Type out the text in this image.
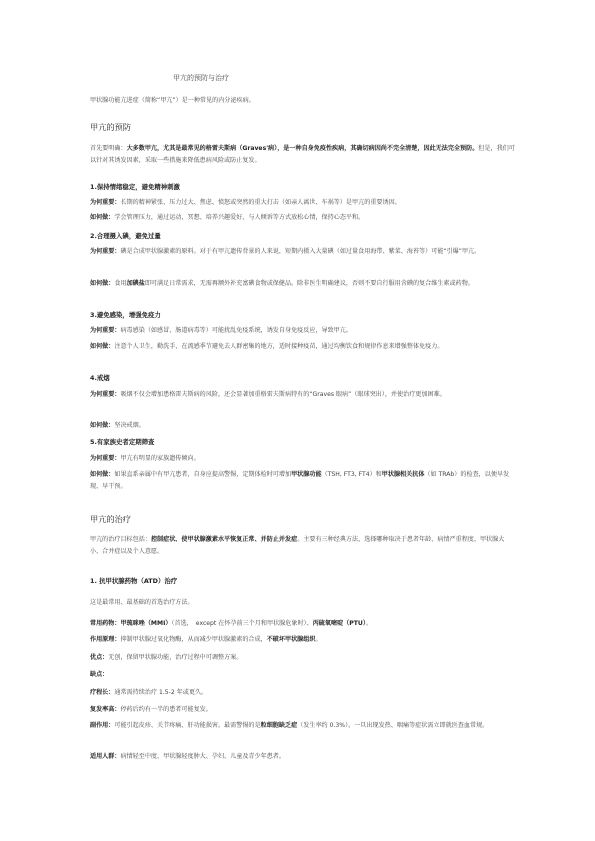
甲亢的预防与治疗
甲状腺功能亢进症（简称“甲亢”）是一种常见的内分泌疾病。
甲亢的预防
首先要明确：大多数甲亢，尤其是最常见的格雷夫斯病（Graves'病），是一种自身免疫性疾病，其确切病因尚不完全清楚，因此无法完全预防。但是，我们可以针对其诱发因素，采取一些措施来降低患病风险或防止复发。
1.保持情绪稳定，避免精神刺激
为何重要：长期的精神紧张、压力过大、焦虑、愤怒或突然的重大打击（如亲人离世、车祸等）是甲亢的重要诱因。
如何做：学会管理压力，通过运动、冥想、培养兴趣爱好、与人倾诉等方式放松心情，保持心态平和。
2.合理摄入碘，避免过量
为何重要：碘是合成甲状腺激素的原料。对于有甲亢遗传背景的人来说，短期内摄入大量碘（如过量食用海带、紫菜、海苔等）可能“引爆”甲亢。
如何做：食用加碘盐即可满足日常需求，无需再额外补充富碘食物或保健品。除非医生明确建议，否则不要自行服用含碘的复合维生素或药物。
3.避免感染，增强免疫力
为何重要：病毒感染（如感冒、肠道病毒等）可能扰乱免疫系统，诱发自身免疫反应，导致甲亢。
如何做：注意个人卫生，勤洗手，在流感季节避免去人群密集的地方，适时接种疫苗，通过均衡饮食和规律作息来增强整体免疫力。
4.戒烟
为何重要：吸烟不仅会增加患格雷夫斯病的风险，还会显著加重格雷夫斯病特有的“Graves 眼病”（眼球突出），并使治疗更加困难。
如何做：坚决戒烟。
5.有家族史者定期筛查
为何重要：甲亢有明显的家族遗传倾向。
如何做：如果直系亲属中有甲亢患者，自身应提高警惕，定期体检时可增加甲状腺功能（TSH, FT3, FT4）和甲状腺相关抗体（如 TRAb）的检查，以便早发现、早干预。
甲亢的治疗
甲亢的治疗目标包括：控制症状、使甲状腺激素水平恢复正常、并防止并发症。主要有三种经典方法，选择哪种取决于患者年龄、病情严重程度、甲状腺大小、合并症以及个人意愿。
1. 抗甲状腺药物（ATD）治疗
这是最常用、最基础的首选治疗方法。
常用药物：甲巯咪唑（MMI）（首选，　except 在怀孕前三个月和甲状腺危象时）、丙硫氧嘧啶（PTU）。
作用原理：抑制甲状腺过氧化物酶，从而减少甲状腺激素的合成，不破坏甲状腺组织。
优点：无创，保留甲状腺功能，治疗过程中可调整方案。
缺点：
疗程长：通常需持续治疗 1.5-2 年或更久。
复发率高：停药后约有一半的患者可能复发。
副作用：可能引起皮疹、关节疼痛、肝功能损害。最需警惕的是粒细胞缺乏症（发生率约 0.3%），一旦出现发热、咽痛等症状需立即就医查血常规。
适用人群：病情轻至中度、甲状腺轻度肿大、孕妇、儿童及青少年患者。
